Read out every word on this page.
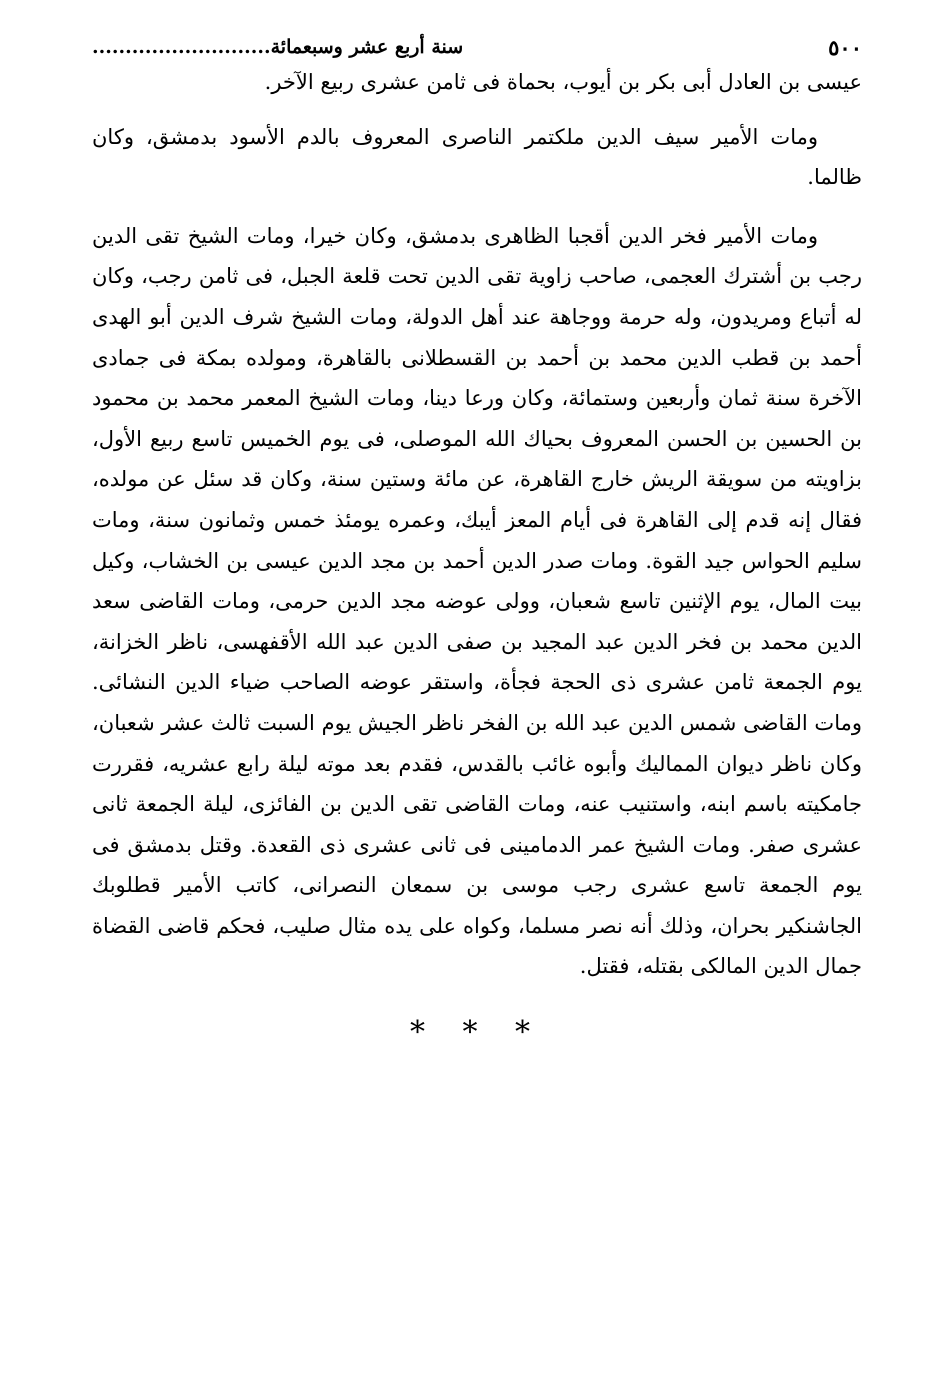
٥٠٠
سنة أربع عشر وسبعمائة...........................

عيسى بن العادل أبى بكر بن أيوب، بحماة فى ثامن عشرى ربيع الآخر.

ومات الأمير سيف الدين ملكتمر الناصرى المعروف بالدم الأسود بدمشق، وكان ظالما.

ومات الأمير فخر الدين أقجبا الظاهرى بدمشق، وكان خيرا، ومات الشيخ تقى الدين رجب بن أشترك العجمى، صاحب زاوية تقى الدين تحت قلعة الجبل، فى ثامن رجب، وكان له أتباع ومريدون، وله حرمة ووجاهة عند أهل الدولة، ومات الشيخ شرف الدين أبو الهدى أحمد بن قطب الدين محمد بن أحمد بن القسطلانى بالقاهرة، ومولده بمكة فى جمادى الآخرة سنة ثمان وأربعين وستمائة، وكان ورعا دينا، ومات الشيخ المعمر محمد بن محمود بن الحسين بن الحسن المعروف بحياك الله الموصلى، فى يوم الخميس تاسع ربيع الأول، بزاويته من سويقة الريش خارج القاهرة، عن مائة وستين سنة، وكان قد سئل عن مولده، فقال إنه قدم إلى القاهرة فى أيام المعز أيبك، وعمره يومئذ خمس وثمانون سنة، ومات سليم الحواس جيد القوة. ومات صدر الدين أحمد بن مجد الدين عيسى بن الخشاب، وكيل بيت المال، يوم الإثنين تاسع شعبان، وولى عوضه مجد الدين حرمى، ومات القاضى سعد الدين محمد بن فخر الدين عبد المجيد بن صفى الدين عبد الله الأقفهسى، ناظر الخزانة، يوم الجمعة ثامن عشرى ذى الحجة فجأة، واستقر عوضه الصاحب ضياء الدين النشائى. ومات القاضى شمس الدين عبد الله بن الفخر ناظر الجيش يوم السبت ثالث عشر شعبان، وكان ناظر ديوان المماليك وأبوه غائب بالقدس، فقدم بعد موته ليلة رابع عشريه، فقررت جامكيته باسم ابنه، واستنيب عنه، ومات القاضى تقى الدين بن الفائزى، ليلة الجمعة ثانى عشرى صفر. ومات الشيخ عمر الدمامينى فى ثانى عشرى ذى القعدة. وقتل بدمشق فى يوم الجمعة تاسع عشرى رجب موسى بن سمعان النصرانى، كاتب الأمير قطلوبك الجاشنكير بحران، وذلك أنه نصر مسلما، وكواه على يده مثال صليب، فحكم قاضى القضاة جمال الدين المالكى بقتله، فقتل.

* * *
